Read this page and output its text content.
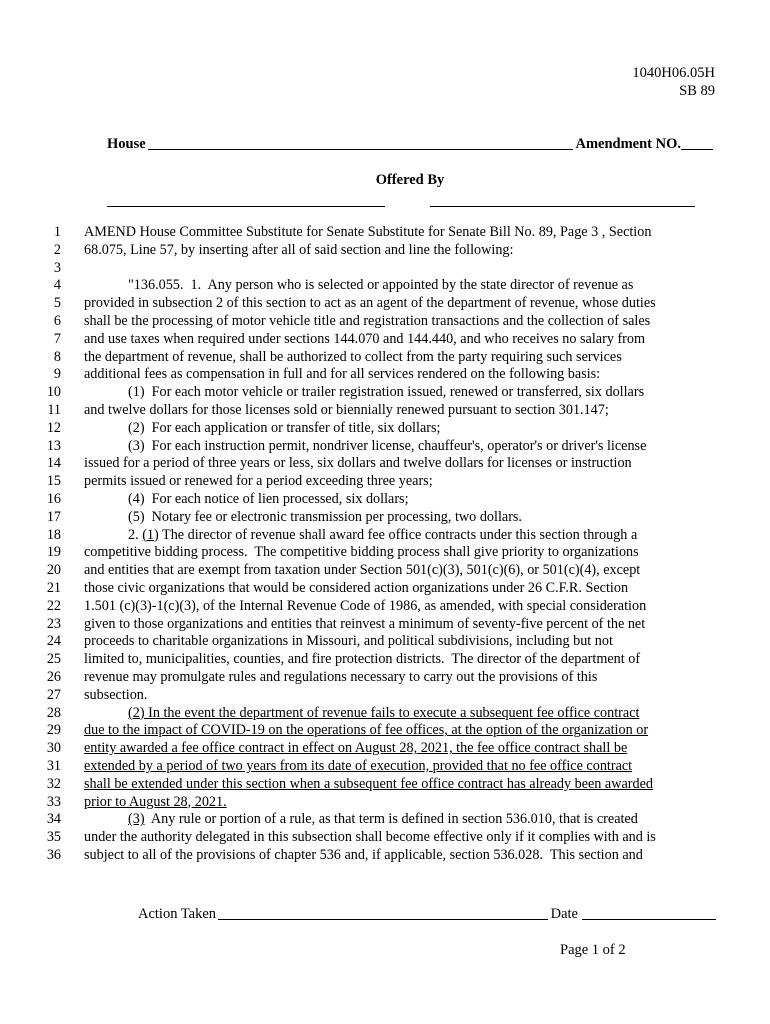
1040H06.05H
SB 89
House	Amendment NO.
Offered By
1	AMEND House Committee Substitute for Senate Substitute for Senate Bill No. 89, Page 3 , Section
2	68.075, Line 57, by inserting after all of said section and line the following:
3
4	"136.055.  1.  Any person who is selected or appointed by the state director of revenue as
5	provided in subsection 2 of this section to act as an agent of the department of revenue, whose duties
6	shall be the processing of motor vehicle title and registration transactions and the collection of sales
7	and use taxes when required under sections 144.070 and 144.440, and who receives no salary from
8	the department of revenue, shall be authorized to collect from the party requiring such services
9	additional fees as compensation in full and for all services rendered on the following basis:
10	(1)  For each motor vehicle or trailer registration issued, renewed or transferred, six dollars
11	and twelve dollars for those licenses sold or biennially renewed pursuant to section 301.147;
12	(2)  For each application or transfer of title, six dollars;
13	(3)  For each instruction permit, nondriver license, chauffeur's, operator's or driver's license
14	issued for a period of three years or less, six dollars and twelve dollars for licenses or instruction
15	permits issued or renewed for a period exceeding three years;
16	(4)  For each notice of lien processed, six dollars;
17	(5)  Notary fee or electronic transmission per processing, two dollars.
18	2. (1) The director of revenue shall award fee office contracts under this section through a
19	competitive bidding process.  The competitive bidding process shall give priority to organizations
20	and entities that are exempt from taxation under Section 501(c)(3), 501(c)(6), or 501(c)(4), except
21	those civic organizations that would be considered action organizations under 26 C.F.R. Section
22	1.501 (c)(3)-1(c)(3), of the Internal Revenue Code of 1986, as amended, with special consideration
23	given to those organizations and entities that reinvest a minimum of seventy-five percent of the net
24	proceeds to charitable organizations in Missouri, and political subdivisions, including but not
25	limited to, municipalities, counties, and fire protection districts.  The director of the department of
26	revenue may promulgate rules and regulations necessary to carry out the provisions of this
27	subsection.
28	(2) In the event the department of revenue fails to execute a subsequent fee office contract
29	due to the impact of COVID-19 on the operations of fee offices, at the option of the organization or
30	entity awarded a fee office contract in effect on August 28, 2021, the fee office contract shall be
31	extended by a period of two years from its date of execution, provided that no fee office contract
32	shall be extended under this section when a subsequent fee office contract has already been awarded
33	prior to August 28, 2021.
34	(3)  Any rule or portion of a rule, as that term is defined in section 536.010, that is created
35	under the authority delegated in this subsection shall become effective only if it complies with and is
36	subject to all of the provisions of chapter 536 and, if applicable, section 536.028.  This section and
Action Taken	Date
Page 1 of 2
